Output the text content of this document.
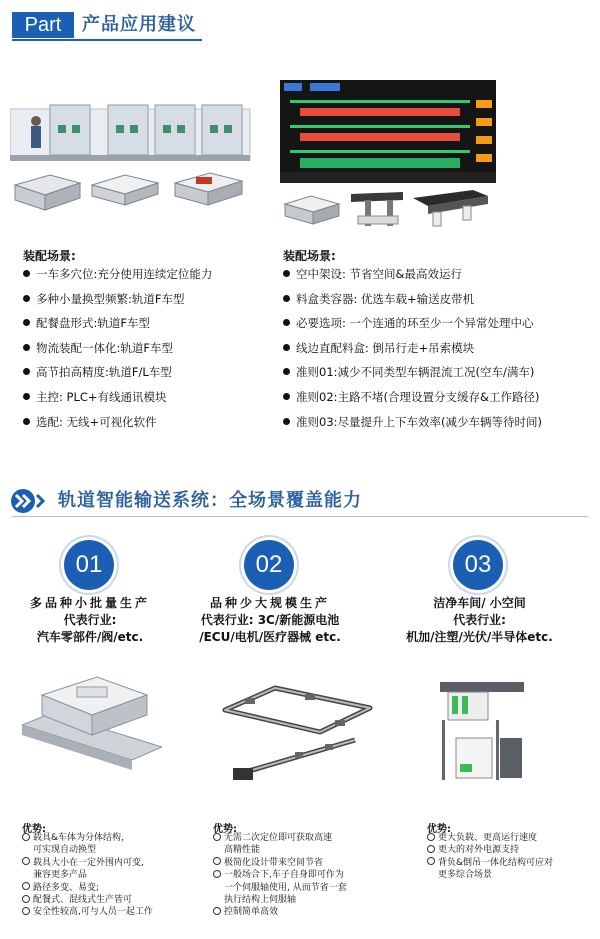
Part	产品应用建议
装配场景:
一车多穴位:充分使用连续定位能力
多种小量换型频繁:轨道F车型
配餐盘形式:轨道F车型
物流装配一体化:轨道F车型
高节拍高精度:轨道F/L车型
主控: PLC+有线通讯模块
选配: 无线+可视化软件
装配场景:
空中架设: 节省空间&最高效运行
料盒类容器: 优选车载+输送皮带机
必要选项: 一个连通的环至少一个异常处理中心
线边直配料盒: 倒吊行走+吊索模块
准则01:减少不同类型车辆混流工况(空车/满车)
准则02:主路不堵(合理设置分支缓存&工作路径)
准则03:尽量提升上下车效率(减少车辆等待时间)
轨道智能输送系统：全场景覆盖能力
01	02	03
多品种小批量生产
代表行业:
汽车零部件/阀/etc.
品种少大规模生产
代表行业: 3C/新能源电池
/ECU/电机/医疗器械 etc.
洁净车间/ 小空间
代表行业:
机加/注塑/光伏/半导体etc.
优势:
载具&车体为分体结构，
可实现自动换型
载具大小在一定外围内可变,
兼容更多产品
路径多变、易变;
配餐式、混线式生产皆可
安全性较高,可与人员一起工作
优势:
无需二次定位即可获取高速
高精性能
极简化设计带来空间节省
一般场合下,车子自身即可作为
一个伺服轴使用, 从而节省一套
执行结构上伺服轴
控制简单高效
优势:
更大负载、更高运行速度
更大的对外电源支持
背负&倒吊一体化结构可应对
更多综合场景
